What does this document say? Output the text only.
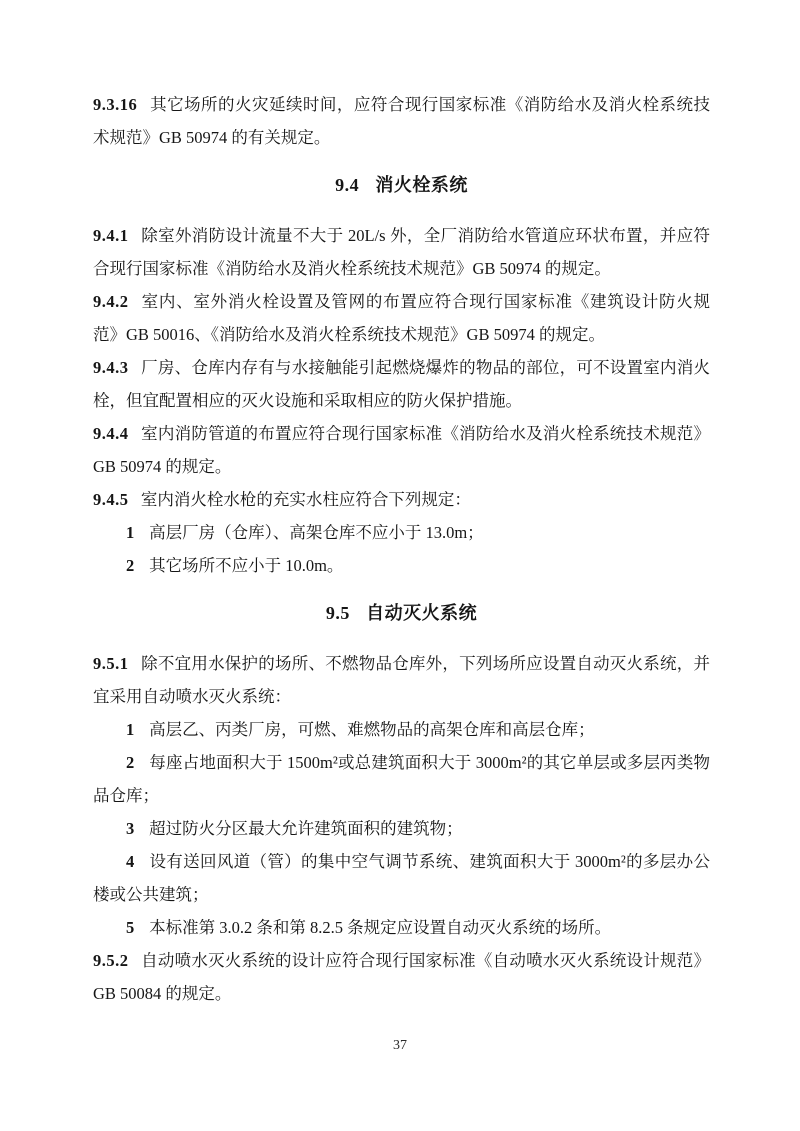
9.3.16 其它场所的火灾延续时间，应符合现行国家标准《消防给水及消火栓系统技术规范》GB 50974 的有关规定。

9.4 消火栓系统

9.4.1 除室外消防设计流量不大于 20L/s 外，全厂消防给水管道应环状布置，并应符合现行国家标准《消防给水及消火栓系统技术规范》GB 50974 的规定。

9.4.2 室内、室外消火栓设置及管网的布置应符合现行国家标准《建筑设计防火规范》GB 50016、《消防给水及消火栓系统技术规范》GB 50974 的规定。

9.4.3 厂房、仓库内存有与水接触能引起燃烧爆炸的物品的部位，可不设置室内消火栓，但宜配置相应的灭火设施和采取相应的防火保护措施。

9.4.4 室内消防管道的布置应符合现行国家标准《消防给水及消火栓系统技术规范》GB 50974 的规定。

9.4.5 室内消火栓水枪的充实水柱应符合下列规定：

1 高层厂房（仓库）、高架仓库不应小于 13.0m；

2 其它场所不应小于 10.0m。

9.5 自动灭火系统

9.5.1 除不宜用水保护的场所、不燃物品仓库外，下列场所应设置自动灭火系统，并宜采用自动喷水灭火系统：

1 高层乙、丙类厂房，可燃、难燃物品的高架仓库和高层仓库；

2 每座占地面积大于 1500m²或总建筑面积大于 3000m²的其它单层或多层丙类物品仓库；

3 超过防火分区最大允许建筑面积的建筑物；

4 设有送回风道（管）的集中空气调节系统、建筑面积大于 3000m²的多层办公楼或公共建筑；

5 本标准第 3.0.2 条和第 8.2.5 条规定应设置自动灭火系统的场所。

9.5.2 自动喷水灭火系统的设计应符合现行国家标准《自动喷水灭火系统设计规范》GB 50084 的规定。

37
